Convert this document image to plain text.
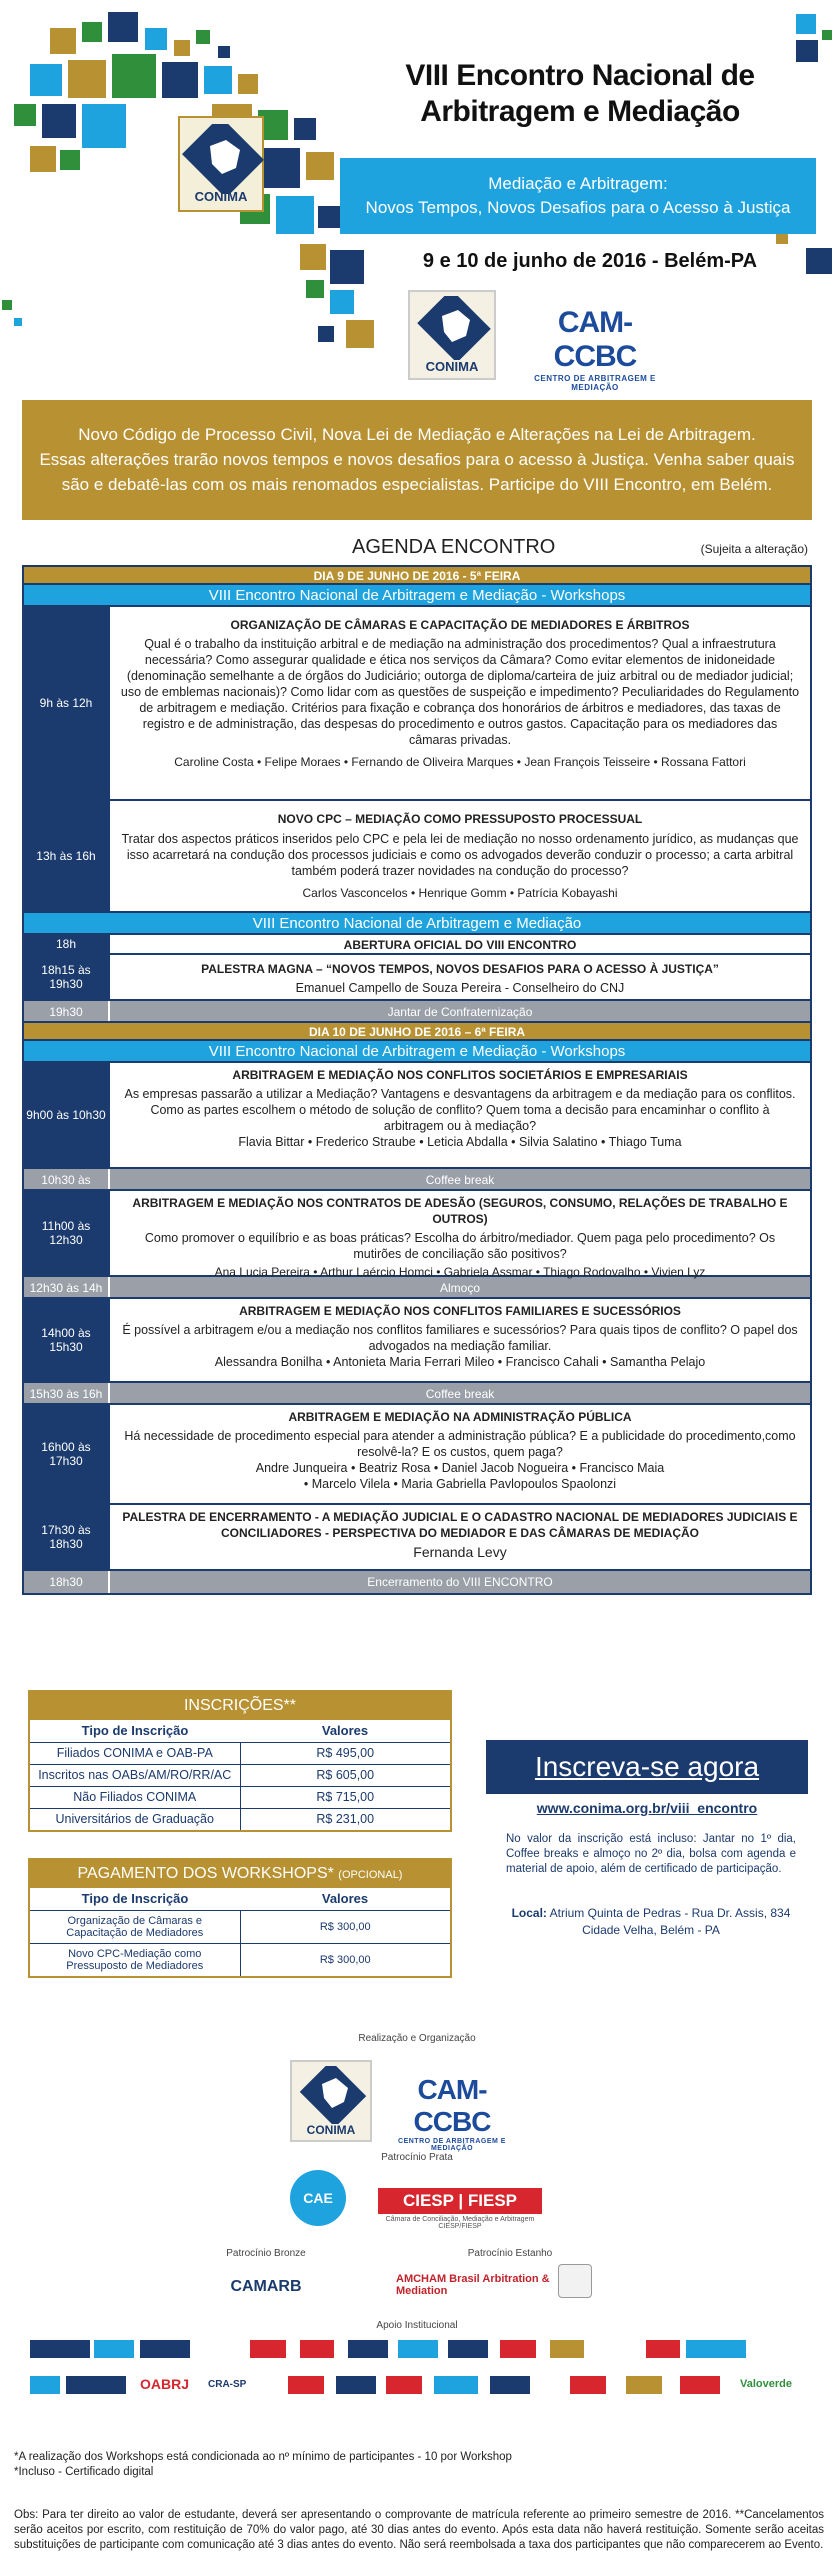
CONIMA
VIII Encontro Nacional de
Arbitragem e Mediação
Mediação e Arbitragem:
Novos Tempos, Novos Desafios para o Acesso à Justiça
9 e 10 de junho de 2016 - Belém-PA
CONIMA
CAM-CCBC
CENTRO DE ARBITRAGEM E MEDIAÇÃO
Novo Código de Processo Civil, Nova Lei de Mediação e Alterações na Lei de Arbitragem.
Essas alterações trarão novos tempos e novos desafios para o acesso à Justiça. Venha saber quais
são e debatê-las com os mais renomados especialistas. Participe do VIII Encontro, em Belém.
AGENDA ENCONTRO	(Sujeita a alteração)
DIA 9 DE JUNHO DE 2016 - 5ª FEIRA
VIII Encontro Nacional de Arbitragem e Mediação - Workshops
9h às 12h
ORGANIZAÇÃO DE CÂMARAS E CAPACITAÇÃO DE MEDIADORES E ÁRBITROS
Qual é o trabalho da instituição arbitral e de mediação na administração dos procedimentos? Qual a infraestrutura necessária? Como assegurar qualidade e ética nos serviços da Câmara? Como evitar elementos de inidoneidade (denominação semelhante a de órgãos do Judiciário; outorga de diploma/carteira de juiz arbitral ou de mediador judicial; uso de emblemas nacionais)? Como lidar com as questões de suspeição e impedimento? Peculiaridades do Regulamento de arbitragem e mediação. Critérios para fixação e cobrança dos honorários de árbitros e mediadores, das taxas de registro e de administração, das despesas do procedimento e outros gastos. Capacitação para os mediadores das câmaras privadas.
Caroline Costa • Felipe Moraes • Fernando de Oliveira Marques • Jean François Teisseire • Rossana Fattori
13h às 16h
NOVO CPC – MEDIAÇÃO COMO PRESSUPOSTO PROCESSUAL
Tratar dos aspectos práticos inseridos pelo CPC e pela lei de mediação no nosso ordenamento jurídico, as mudanças que isso acarretará na condução dos processos judiciais e como os advogados deverão conduzir o processo; a carta arbitral também poderá trazer novidades na condução do processo?
Carlos Vasconcelos • Henrique Gomm • Patrícia Kobayashi
VIII Encontro Nacional de Arbitragem e Mediação
18h	ABERTURA OFICIAL DO VIII ENCONTRO
18h15 às 19h30
PALESTRA MAGNA – “NOVOS TEMPOS, NOVOS DESAFIOS PARA O ACESSO À JUSTIÇA”
Emanuel Campello de Souza Pereira - Conselheiro do CNJ
19h30	Jantar de Confraternização
DIA 10 DE JUNHO DE 2016 – 6ª FEIRA
VIII Encontro Nacional de Arbitragem e Mediação - Workshops
9h00 às 10h30
ARBITRAGEM E MEDIAÇÃO NOS CONFLITOS SOCIETÁRIOS E EMPRESARIAIS
As empresas passarão a utilizar a Mediação? Vantagens e desvantagens da arbitragem e da mediação para os conflitos. Como as partes escolhem o método de solução de conflito? Quem toma a decisão para encaminhar o conflito à arbitragem ou à mediação?
Flavia Bittar • Frederico Straube • Leticia Abdalla • Silvia Salatino • Thiago Tuma
10h30 às	Coffee break
11h00 às 12h30
ARBITRAGEM E MEDIAÇÃO NOS CONTRATOS DE ADESÃO (SEGUROS, CONSUMO, RELAÇÕES DE TRABALHO E OUTROS)
Como promover o equilíbrio e as boas práticas? Escolha do árbitro/mediador. Quem paga pelo procedimento? Os mutirões de conciliação são positivos?
Ana Lucia Pereira • Arthur Laércio Homci • Gabriela Assmar • Thiago Rodovalho • Vivien Lyz
12h30 às 14h	Almoço
14h00 às 15h30
ARBITRAGEM E MEDIAÇÃO NOS CONFLITOS FAMILIARES E SUCESSÓRIOS
É possível a arbitragem e/ou a mediação nos conflitos familiares e sucessórios? Para quais tipos de conflito? O papel dos advogados na mediação familiar.
Alessandra Bonilha • Antonieta Maria Ferrari Mileo • Francisco Cahali • Samantha Pelajo
15h30 às 16h	Coffee break
16h00 às 17h30
ARBITRAGEM E MEDIAÇÃO NA ADMINISTRAÇÃO PÚBLICA
Há necessidade de procedimento especial para atender a administração pública? E a publicidade do procedimento,como resolvê-la? E os custos, quem paga?
Andre Junqueira • Beatriz Rosa • Daniel Jacob Nogueira • Francisco Maia
• Marcelo Vilela • Maria Gabriella Pavlopoulos Spaolonzi
17h30 às 18h30
PALESTRA DE ENCERRAMENTO - A MEDIAÇÃO JUDICIAL E O CADASTRO NACIONAL DE MEDIADORES JUDICIAIS E CONCILIADORES - PERSPECTIVA DO MEDIADOR E DAS CÂMARAS DE MEDIAÇÃO
Fernanda Levy
18h30	Encerramento do VIII ENCONTRO
INSCRIÇÕES**
Tipo de Inscrição	Valores
Filiados CONIMA e OAB-PA	R$ 495,00
Inscritos nas OABs/AM/RO/RR/AC	R$ 605,00
Não Filiados CONIMA	R$ 715,00
Universitários de Graduação	R$ 231,00
PAGAMENTO DOS WORKSHOPS* (OPCIONAL)
Tipo de Inscrição	Valores
Organização de Câmaras e
Capacitação de Mediadores	R$ 300,00
Novo CPC-Mediação como
Pressuposto de Mediadores	R$ 300,00
Inscreva-se agora
www.conima.org.br/viii_encontro
No valor da inscrição está incluso: Jantar no 1º dia, Coffee breaks e almoço no 2º dia, bolsa com agenda e material de apoio, além de certificado de participação.
Local: Atrium Quinta de Pedras - Rua Dr. Assis, 834
Cidade Velha, Belém - PA
Realização e Organização
CONIMA
CAM-CCBC
CENTRO DE ARBITRAGEM E MEDIAÇÃO
Patrocínio Prata
CAE	CIESP | FIESP
Câmara de Conciliação, Mediação e Arbitragem CIESP/FIESP
Patrocínio Bronze	Patrocínio Estanho
CAMARB	AMCHAM Brasil Arbitration & Mediation
Apoio Institucional
OABRJ	CRA-SP	Valoverde
*A realização dos Workshops está condicionada ao nº mínimo de participantes - 10 por Workshop
*Incluso - Certificado digital
Obs: Para ter direito ao valor de estudante, deverá ser apresentando o comprovante de matrícula referente ao primeiro semestre de 2016. **Cancelamentos serão aceitos por escrito, com restituição de 70% do valor pago, até 30 dias antes do evento. Após esta data não haverá restituição. Somente serão aceitas substituições de participante com comunicação até 3 dias antes do evento. Não será reembolsada a taxa dos participantes que não comparecerem ao Evento.
